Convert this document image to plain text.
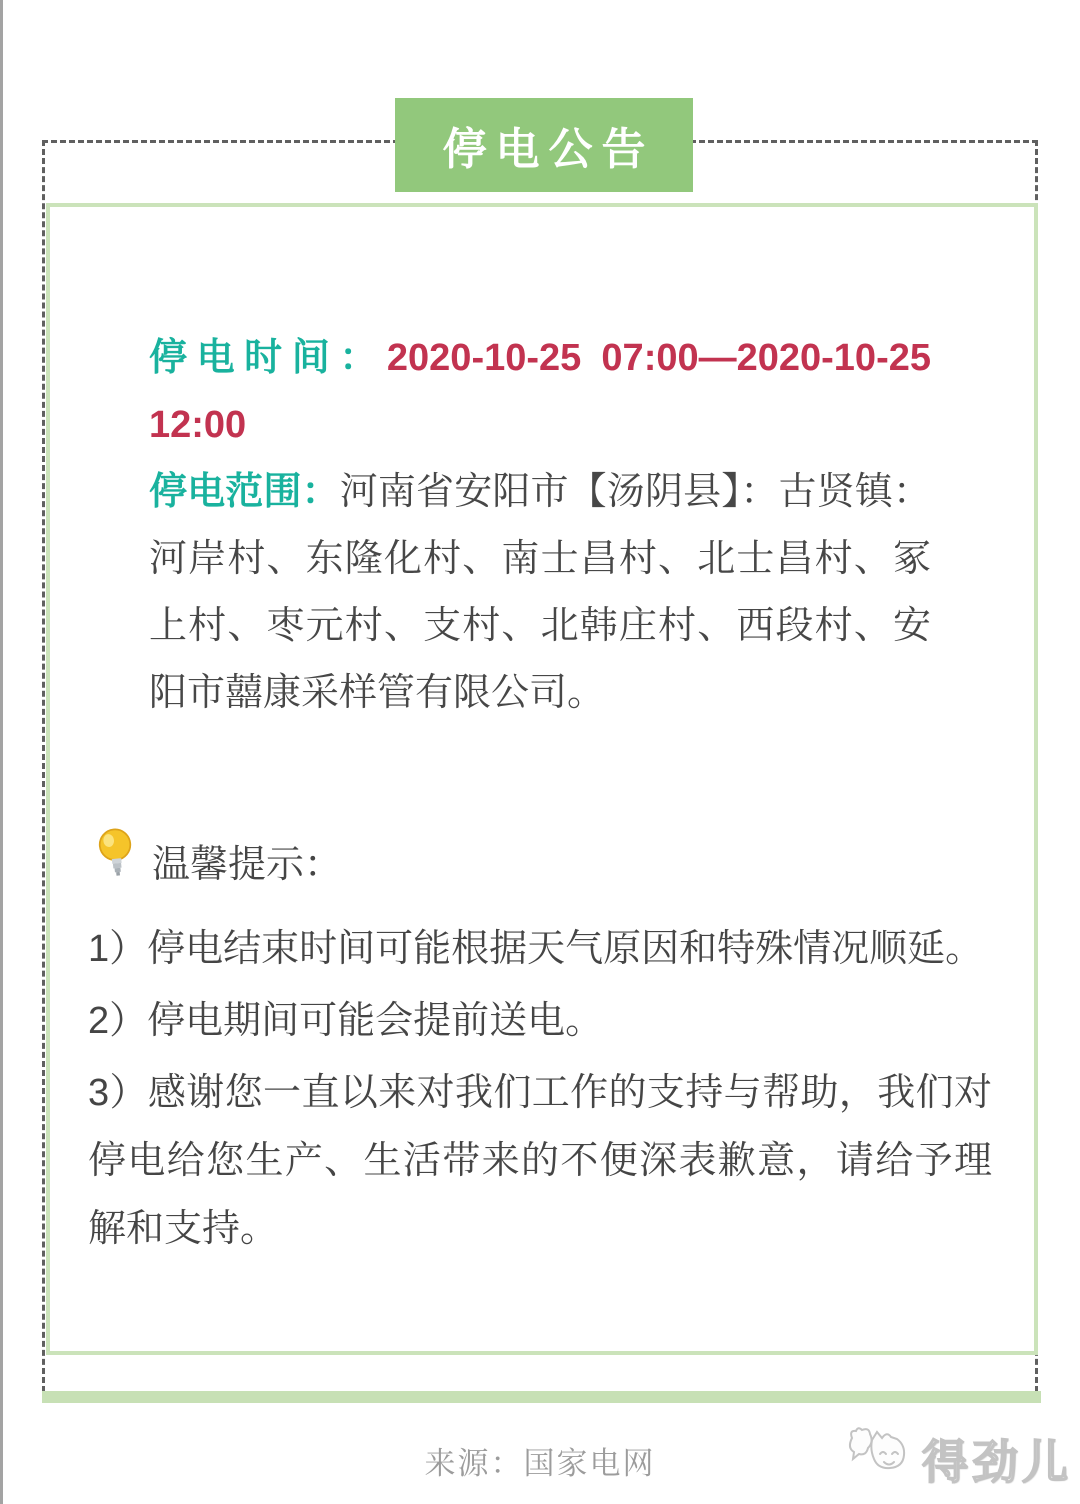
停电公告
停电时间：2020-10-25 07:00—2020-10-25 12:00
停电范围：河南省安阳市【汤阴县】：古贤镇：河岸村、东隆化村、南士昌村、北士昌村、冢上村、枣元村、支村、北韩庄村、西段村、安阳市囍康采样管有限公司。
温馨提示：

1）停电结束时间可能根据天气原因和特殊情况顺延。

2）停电期间可能会提前送电。

3）感谢您一直以来对我们工作的支持与帮助，我们对停电给您生产、生活带来的不便深表歉意，请给予理解和支持。

来源：国家电网	得劲儿
